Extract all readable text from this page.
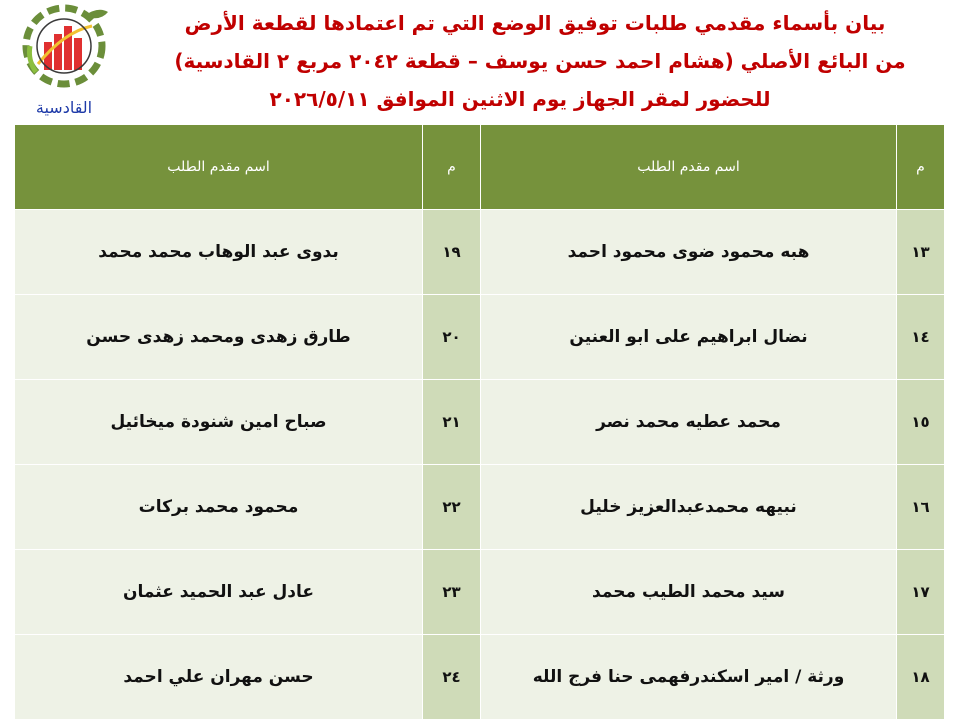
القادسية
بيان بأسماء مقدمي طلبات توفيق الوضع التي تم اعتمادها لقطعة الأرض
من البائع الأصلي (هشام احمد حسن يوسف – قطعة ٢٠٤٢ مربع ٢ القادسية)
للحضور لمقر الجهاز يوم الاثنين الموافق ٢٠٢٦/٥/١١
م	اسم مقدم الطلب	م	اسم مقدم الطلب
١٣	هبه محمود ضوى محمود احمد	١٩	بدوى عبد الوهاب محمد محمد
١٤	نضال ابراهيم على ابو العنين	٢٠	طارق زهدى ومحمد زهدى حسن
١٥	محمد عطيه محمد نصر	٢١	صباح امين شنودة ميخائيل
١٦	نبيهه محمدعبدالعزيز خليل	٢٢	محمود محمد بركات
١٧	سيد محمد الطيب محمد	٢٣	عادل عبد الحميد عثمان
١٨	ورثة / امير اسكندرفهمى حنا فرج الله	٢٤	حسن مهران علي احمد
